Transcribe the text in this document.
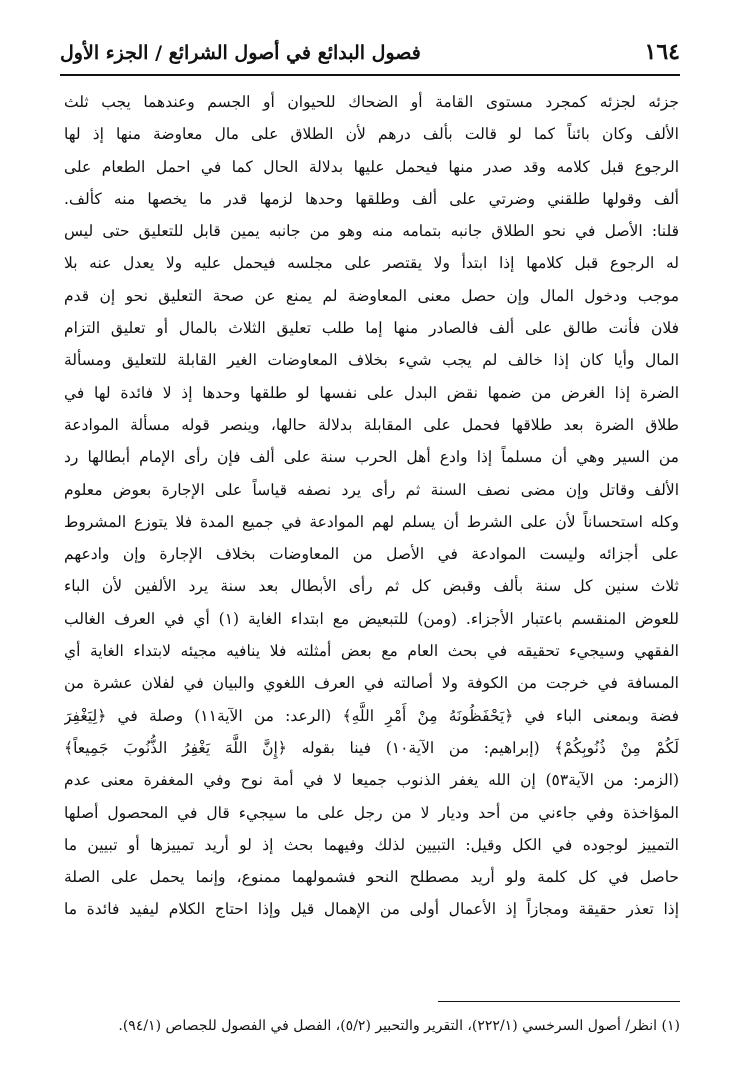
١٦٤
فصول البدائع في أصول الشرائع / الجزء الأول
جزئه لجزئه كمجرد مستوى القامة أو الضحاك للحيوان أو الجسم وعندهما يجب ثلث
الألف وكان بائناً كما لو قالت بألف درهم لأن الطلاق على مال معاوضة منها إذ لها
الرجوع قبل كلامه وقد صدر منها فيحمل عليها بدلالة الحال كما في احمل الطعام على
ألف وقولها طلقني وضرتي على ألف وطلقها وحدها لزمها قدر ما يخصها منه كألف.
قلنا: الأصل في نحو الطلاق جانبه بتمامه منه وهو من جانبه يمين قابل للتعليق حتى ليس
له الرجوع قبل كلامها إذا ابتدأ ولا يقتصر على مجلسه فيحمل عليه ولا يعدل عنه بلا
موجب ودخول المال وإن حصل معنى المعاوضة لم يمنع عن صحة التعليق نحو إن قدم
فلان فأنت طالق على ألف فالصادر منها إما طلب تعليق الثلاث بالمال أو تعليق التزام
المال وأيا كان إذا خالف لم يجب شيء بخلاف المعاوضات الغير القابلة للتعليق ومسألة
الضرة إذا الغرض من ضمها نقض البدل على نفسها لو طلقها وحدها إذ لا فائدة لها في
طلاق الضرة بعد طلاقها فحمل على المقابلة بدلالة حالها، وينصر قوله مسألة الموادعة
من السير وهي أن مسلماً إذا وادع أهل الحرب سنة على ألف فإن رأى الإمام أبطالها رد
الألف وقاتل وإن مضى نصف السنة ثم رأى يرد نصفه قياساً على الإجارة بعوض معلوم
وكله استحساناً لأن على الشرط أن يسلم لهم الموادعة في جميع المدة فلا يتوزع المشروط
على أجزائه وليست الموادعة في الأصل من المعاوضات بخلاف الإجارة وإن وادعهم
ثلاث سنين كل سنة بألف وقبض كل ثم رأى الأبطال بعد سنة يرد الألفين لأن الباء
للعوض المنقسم باعتبار الأجزاء. (ومن) للتبعيض مع ابتداء الغاية (١) أي في العرف الغالب
الفقهي وسيجيء تحقيقه في بحث العام مع بعض أمثلته فلا ينافيه مجيئه لابتداء الغاية أي
المسافة في خرجت من الكوفة ولا أصالته في العرف اللغوي والبيان في لفلان عشرة من
فضة وبمعنى الباء في ﴿يَحْفَظُونَهُ مِنْ أَمْرِ اللَّهِ﴾ (الرعد: من الآية١١) وصلة في ﴿لِيَغْفِرَ
لَكُمْ مِنْ ذُنُوبِكُمْ﴾ (إبراهيم: من الآية١٠) فينا بقوله ﴿إِنَّ اللَّهَ يَغْفِرُ الذُّنُوبَ جَمِيعاً﴾
(الزمر: من الآية٥٣) إن الله يغفر الذنوب جميعا لا في أمة نوح وفي المغفرة معنى عدم
المؤاخذة وفي جاءني من أحد وديار لا من رجل على ما سيجيء قال في المحصول أصلها
التمييز لوجوده في الكل وقيل: التبيين لذلك وفيهما بحث إذ لو أريد تمييزها أو تبيين ما
حاصل في كل كلمة ولو أريد مصطلح النحو فشمولهما ممنوع، وإنما يحمل على الصلة
إذا تعذر حقيقة ومجازاً إذ الأعمال أولى من الإهمال قيل وإذا احتاج الكلام ليفيد فائدة ما
(١) انظر/ أصول السرخسي (٢٢٢/١)، التقرير والتحبير (٥/٢)، الفصل في الفصول للجصاص (٩٤/١).
